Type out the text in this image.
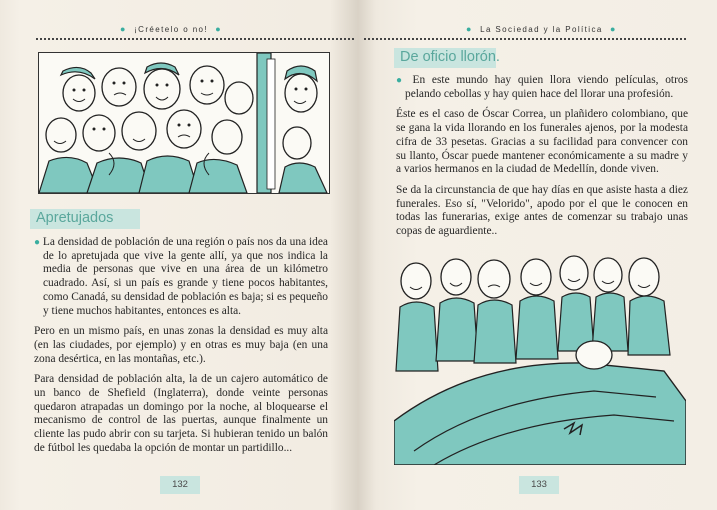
● ¡Créetelo o no! ●
Apretujados

● La densidad de población de una región o país nos da una idea de lo apretujada que vive la gente allí, ya que nos indica la media de personas que vive en una área de un kilómetro cuadrado. Así, si un país es grande y tiene pocos habitantes, como Canadá, su densidad de población es baja; si es pequeño y tiene muchos habitantes, entonces es alta.

Pero en un mismo país, en unas zonas la densidad es muy alta (en las ciudades, por ejemplo) y en otras es muy baja (en una zona desértica, en las montañas, etc.).

Para densidad de población alta, la de un cajero automático de un banco de Shefield (Inglaterra), donde veinte personas quedaron atrapadas un domingo por la noche, al bloquearse el mecanismo de control de las puertas, aunque finalmente un cliente las pudo abrir con su tarjeta. Si hubieran tenido un balón de fútbol les quedaba la opción de montar un partidillo...

132
● La Sociedad y la Política ●
De oficio llorón.

● En este mundo hay quien llora viendo películas, otros pelando cebollas y hay quien hace del llorar una profesión.

Éste es el caso de Óscar Correa, un plañidero colombiano, que se gana la vida llorando en los funerales ajenos, por la modesta cifra de 33 pesetas. Gracias a su facilidad para convencer con su llanto, Óscar puede mantener económicamente a su madre y a varios hermanos en la ciudad de Medellín, donde viven.

Se da la circunstancia de que hay días en que asiste hasta a diez funerales. Eso sí, "Velorido", apodo por el que le conocen en todas las funerarias, exige antes de comenzar su trabajo unas copas de aguardiente..

133
